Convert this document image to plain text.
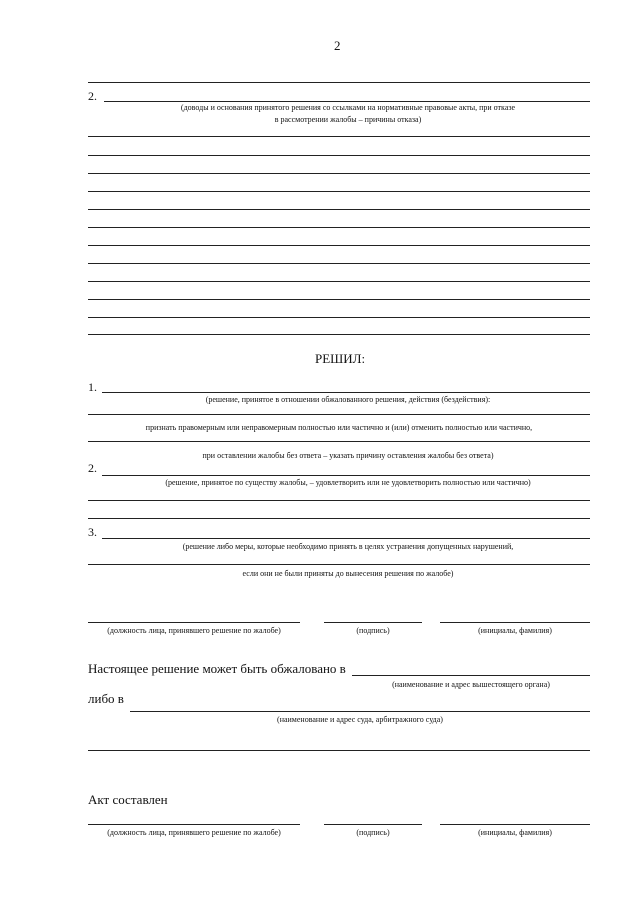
2
2.
(доводы и основания принятого решения со ссылками на нормативные правовые акты, при отказе
в рассмотрении жалобы – причины отказа)
РЕШИЛ:
1.
(решение, принятое в отношении обжалованного решения, действия (бездействия):
признать правомерным или неправомерным полностью или частично и (или) отменить полностью или частично,
при оставлении жалобы без ответа – указать причину оставления жалобы без ответа)
2.
(решение, принятое по существу жалобы, – удовлетворить или не удовлетворить полностью или частично)
3.
(решение либо меры, которые необходимо принять в целях устранения допущенных нарушений,
если они не были приняты до вынесения решения по жалобе)
(должность лица, принявшего решение по жалобе)	(подпись)	(инициалы, фамилия)
Настоящее решение может быть обжаловано в
(наименование и адрес вышестоящего органа)
либо в
(наименование и адрес суда, арбитражного суда)
Акт составлен
(должность лица, принявшего решение по жалобе)	(подпись)	(инициалы, фамилия)
